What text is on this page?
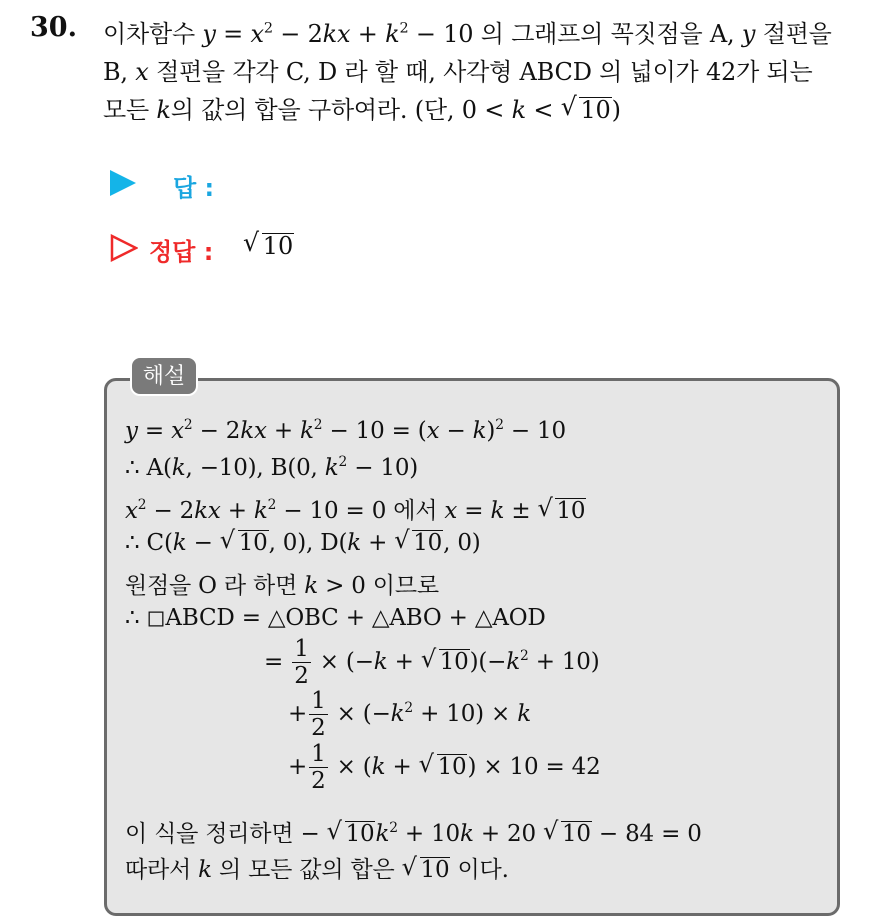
30. 이차함수 $y = x^2 - 2kx + k^2 - 10$ 의 그래프의 꼭짓점을 A, y 절편을
B, x 절편을 각각 C, D 라 할 때, 사각형 ABCD 의 넓이가 42가 되는
모든 k의 값의 합을 구하여라. (단, 0 < k < √ 10)
답 :
정답 : √ 10
해설
$y = x^2 - 2kx + k^2 - 10 = (x - k)^2 - 10$
∴ A(k, −10), B(0, $k^2 - 10$)
$x^2 - 2kx + k^2 - 10 = 0$ 에서 x = k ± √ 10
∴ C(k − √ 10, 0), D(k + √ 10, 0)
원점을 O 라 하면 k > 0 이므로
∴ ◻ABCD = △OBC + △ABO + △AOD
= $\frac{1}{2} \times (-k$ + √ $10)(-k^2 + 10)$
+ $\frac{1}{2} \times (-k^2 + 10) \times k$
+ $\frac{1}{2} \times (k$ + √ 10) × 10 = 42
이 식을 정리하면 − √ $10k^2 + 10k + 20$ √ 10 − 84 = 0
따라서 k 의 모든 값의 합은 √ 10 이다.
